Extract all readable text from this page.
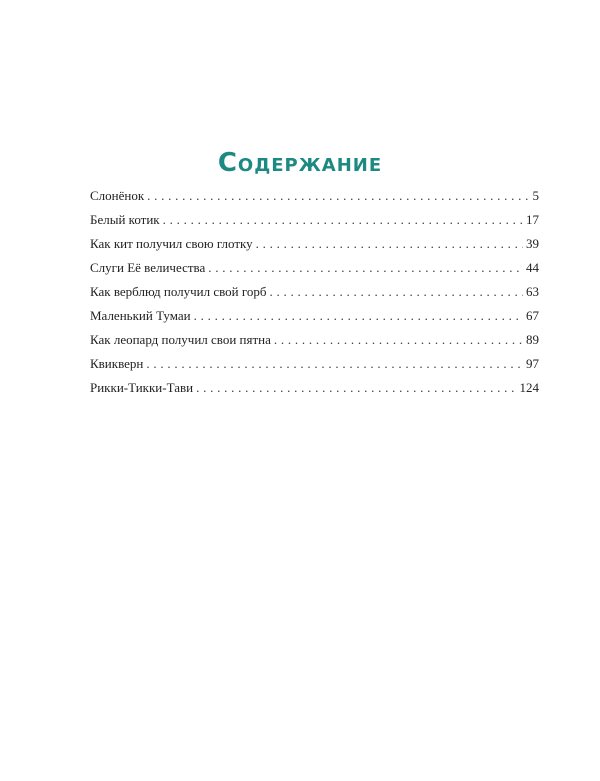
Содержание
Слонёнок . . .	5
Белый котик . . .	17
Как кит получил свою глотку . . .	39
Слуги Её величества . . .	44
Как верблюд получил свой горб . . .	63
Маленький Тумаи . . .	67
Как леопард получил свои пятна . . .	89
Квикверн . . .	97
Рикки-Тикки-Тави . . .	124
